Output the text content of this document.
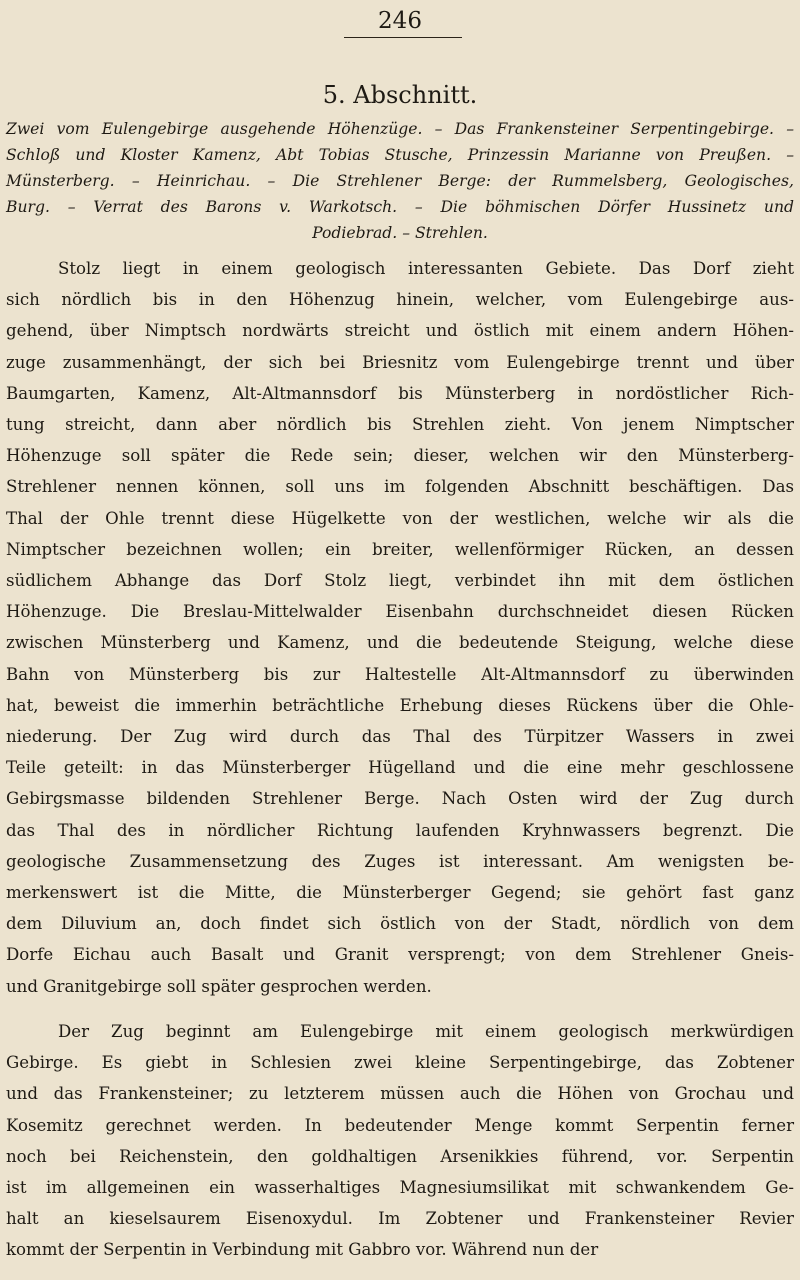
246
5. Abschnitt.
Zwei vom Eulengebirge ausgehende Höhenzüge. – Das Frankensteiner Serpentingebirge. –
Schloß und Kloster Kamenz, Abt Tobias Stusche, Prinzessin Marianne von Preußen. –
Münsterberg. – Heinrichau. – Die Strehlener Berge: der Rummelsberg, Geologisches,
Burg. – Verrat des Barons v. Warkotsch. – Die böhmischen Dörfer Hussinetz und
Podiebrad. – Strehlen.
Stolz liegt in einem geologisch interessanten Gebiete. Das Dorf zieht
sich nördlich bis in den Höhenzug hinein, welcher, vom Eulengebirge aus-
gehend, über Nimptsch nordwärts streicht und östlich mit einem andern Höhen-
zuge zusammenhängt, der sich bei Briesnitz vom Eulengebirge trennt und über
Baumgarten, Kamenz, Alt-Altmannsdorf bis Münsterberg in nordöstlicher Rich-
tung streicht, dann aber nördlich bis Strehlen zieht. Von jenem Nimptscher
Höhenzuge soll später die Rede sein; dieser, welchen wir den Münsterberg-
Strehlener nennen können, soll uns im folgenden Abschnitt beschäftigen. Das
Thal der Ohle trennt diese Hügelkette von der westlichen, welche wir als die
Nimptscher bezeichnen wollen; ein breiter, wellenförmiger Rücken, an dessen
südlichem Abhange das Dorf Stolz liegt, verbindet ihn mit dem östlichen
Höhenzuge. Die Breslau-Mittelwalder Eisenbahn durchschneidet diesen Rücken
zwischen Münsterberg und Kamenz, und die bedeutende Steigung, welche diese
Bahn von Münsterberg bis zur Haltestelle Alt-Altmannsdorf zu überwinden
hat, beweist die immerhin beträchtliche Erhebung dieses Rückens über die Ohle-
niederung. Der Zug wird durch das Thal des Türpitzer Wassers in zwei
Teile geteilt: in das Münsterberger Hügelland und die eine mehr geschlossene
Gebirgsmasse bildenden Strehlener Berge. Nach Osten wird der Zug durch
das Thal des in nördlicher Richtung laufenden Kryhnwassers begrenzt. Die
geologische Zusammensetzung des Zuges ist interessant. Am wenigsten be-
merkenswert ist die Mitte, die Münsterberger Gegend; sie gehört fast ganz
dem Diluvium an, doch findet sich östlich von der Stadt, nördlich von dem
Dorfe Eichau auch Basalt und Granit versprengt; von dem Strehlener Gneis-
und Granitgebirge soll später gesprochen werden.
Der Zug beginnt am Eulengebirge mit einem geologisch merkwürdigen
Gebirge. Es giebt in Schlesien zwei kleine Serpentingebirge, das Zobtener
und das Frankensteiner; zu letzterem müssen auch die Höhen von Grochau und
Kosemitz gerechnet werden. In bedeutender Menge kommt Serpentin ferner
noch bei Reichenstein, den goldhaltigen Arsenikkies führend, vor. Serpentin
ist im allgemeinen ein wasserhaltiges Magnesiumsilikat mit schwankendem Ge-
halt an kieselsaurem Eisenoxydul. Im Zobtener und Frankensteiner Revier
kommt der Serpentin in Verbindung mit Gabbro vor. Während nun der
